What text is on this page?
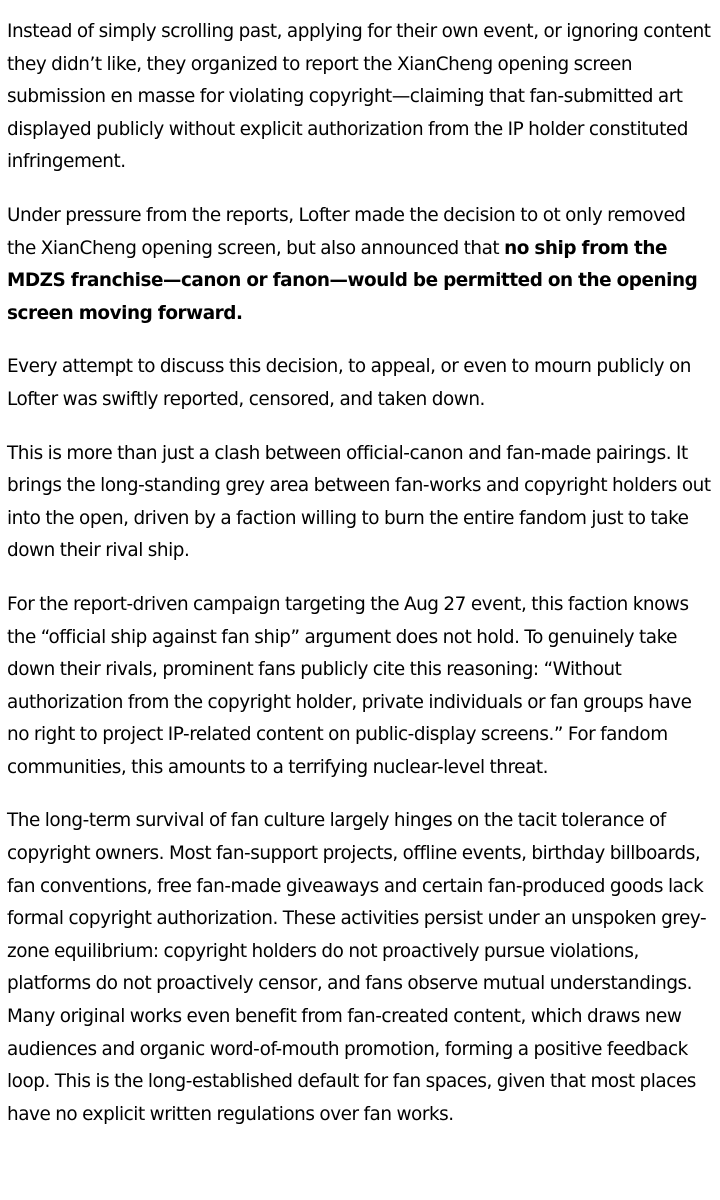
Instead of simply scrolling past, applying for their own event, or ignoring content they didn’t like, they organized to report the XianCheng opening screen submission en masse for violating copyright—claiming that fan-submitted art displayed publicly without explicit authorization from the IP holder constituted infringement.

Under pressure from the reports, Lofter made the decision to ot only removed the XianCheng opening screen, but also announced that no ship from the MDZS franchise—canon or fanon—would be permitted on the opening screen moving forward.

Every attempt to discuss this decision, to appeal, or even to mourn publicly on Lofter was swiftly reported, censored, and taken down.

This is more than just a clash between official-canon and fan-made pairings. It brings the long-standing grey area between fan-works and copyright holders out into the open, driven by a faction willing to burn the entire fandom just to take down their rival ship.

For the report-driven campaign targeting the Aug 27 event, this faction knows the “official ship against fan ship” argument does not hold. To genuinely take down their rivals, prominent fans publicly cite this reasoning: “Without authorization from the copyright holder, private individuals or fan groups have no right to project IP-related content on public-display screens.” For fandom communities, this amounts to a terrifying nuclear-level threat.

The long-term survival of fan culture largely hinges on the tacit tolerance of copyright owners. Most fan-support projects, offline events, birthday billboards, fan conventions, free fan-made giveaways and certain fan-produced goods lack formal copyright authorization. These activities persist under an unspoken grey-zone equilibrium: copyright holders do not proactively pursue violations, platforms do not proactively censor, and fans observe mutual understandings. Many original works even benefit from fan-created content, which draws new audiences and organic word-of-mouth promotion, forming a positive feedback loop. This is the long-established default for fan spaces, given that most places have no explicit written regulations over fan works.
